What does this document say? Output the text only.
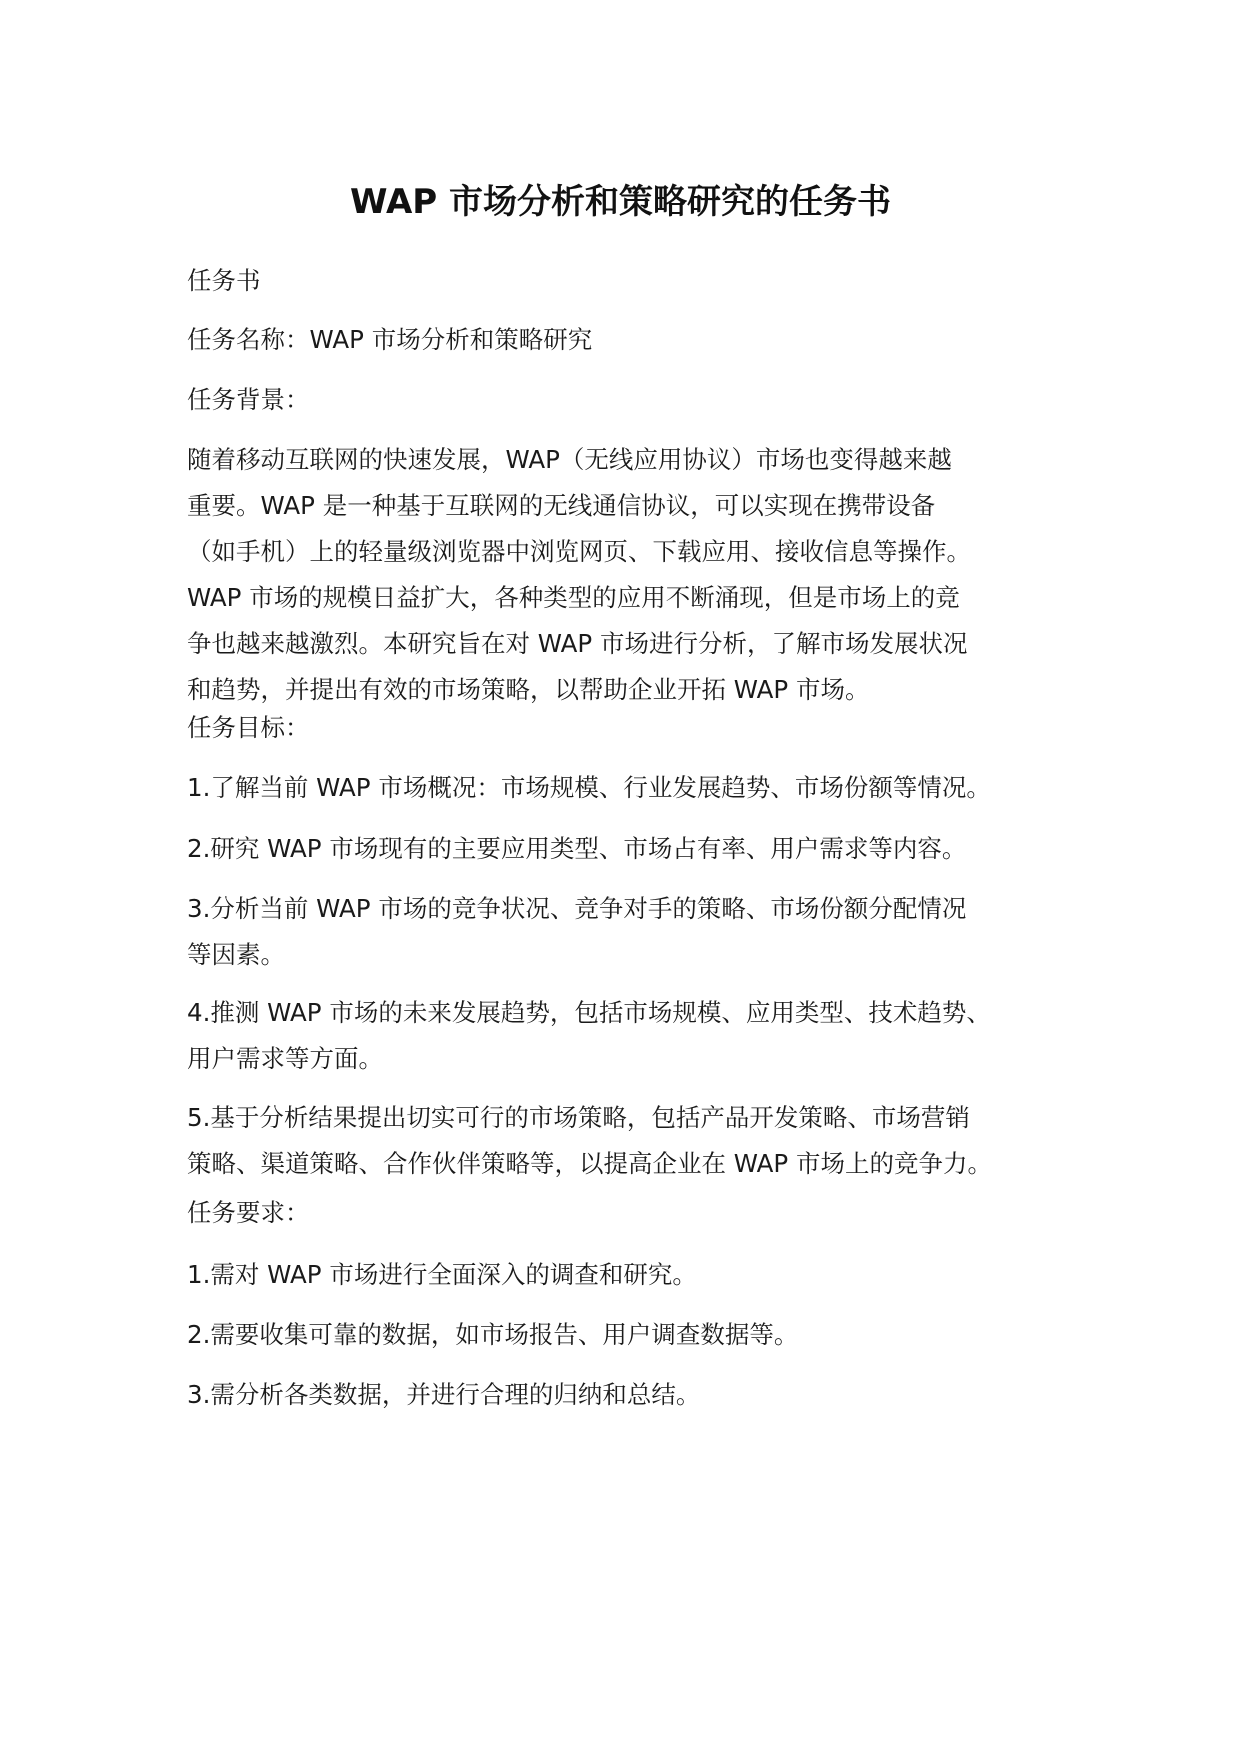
WAP 市场分析和策略研究的任务书

任务书

任务名称：WAP 市场分析和策略研究

任务背景：

随着移动互联网的快速发展，WAP（无线应用协议）市场也变得越来越
重要。WAP 是一种基于互联网的无线通信协议，可以实现在携带设备
（如手机）上的轻量级浏览器中浏览网页、下载应用、接收信息等操作。
WAP 市场的规模日益扩大，各种类型的应用不断涌现，但是市场上的竞
争也越来越激烈。本研究旨在对 WAP 市场进行分析，了解市场发展状况
和趋势，并提出有效的市场策略，以帮助企业开拓 WAP 市场。

任务目标：

1.了解当前 WAP 市场概况：市场规模、行业发展趋势、市场份额等情况。

2.研究 WAP 市场现有的主要应用类型、市场占有率、用户需求等内容。

3.分析当前 WAP 市场的竞争状况、竞争对手的策略、市场份额分配情况
等因素。

4.推测 WAP 市场的未来发展趋势，包括市场规模、应用类型、技术趋势、
用户需求等方面。

5.基于分析结果提出切实可行的市场策略，包括产品开发策略、市场营销
策略、渠道策略、合作伙伴策略等，以提高企业在 WAP 市场上的竞争力。

任务要求：

1.需对 WAP 市场进行全面深入的调查和研究。

2.需要收集可靠的数据，如市场报告、用户调查数据等。

3.需分析各类数据，并进行合理的归纳和总结。
